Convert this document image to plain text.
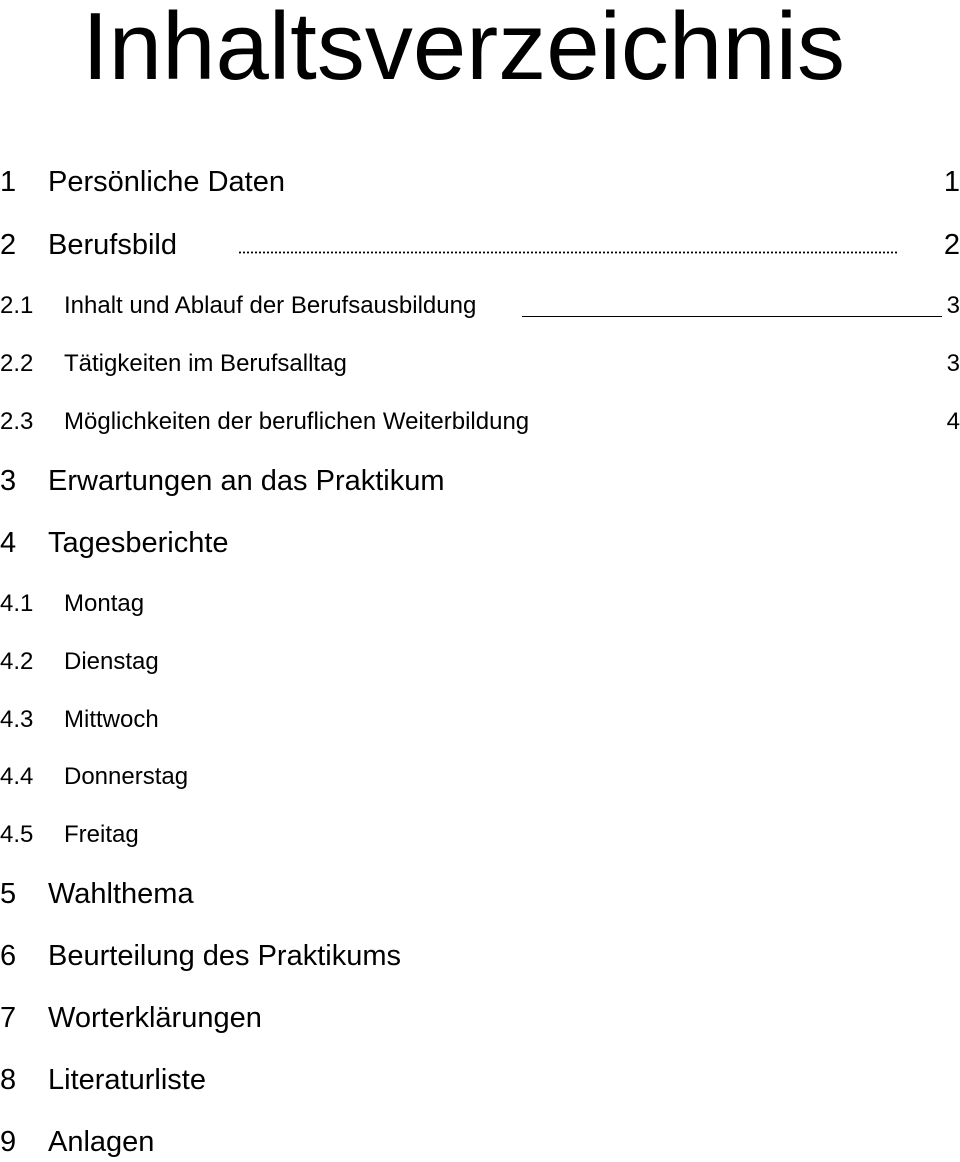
Inhaltsverzeichnis
1 Persönliche Daten	1
2 Berufsbild	2
2.1 Inhalt und Ablauf der Berufsausbildung	3
2.2 Tätigkeiten im Berufsalltag	3
2.3 Möglichkeiten der beruflichen Weiterbildung	4
3 Erwartungen an das Praktikum
4 Tagesberichte
4.1 Montag
4.2 Dienstag
4.3 Mittwoch
4.4 Donnerstag
4.5 Freitag
5 Wahlthema
6 Beurteilung des Praktikums
7 Worterklärungen
8 Literaturliste
9 Anlagen
